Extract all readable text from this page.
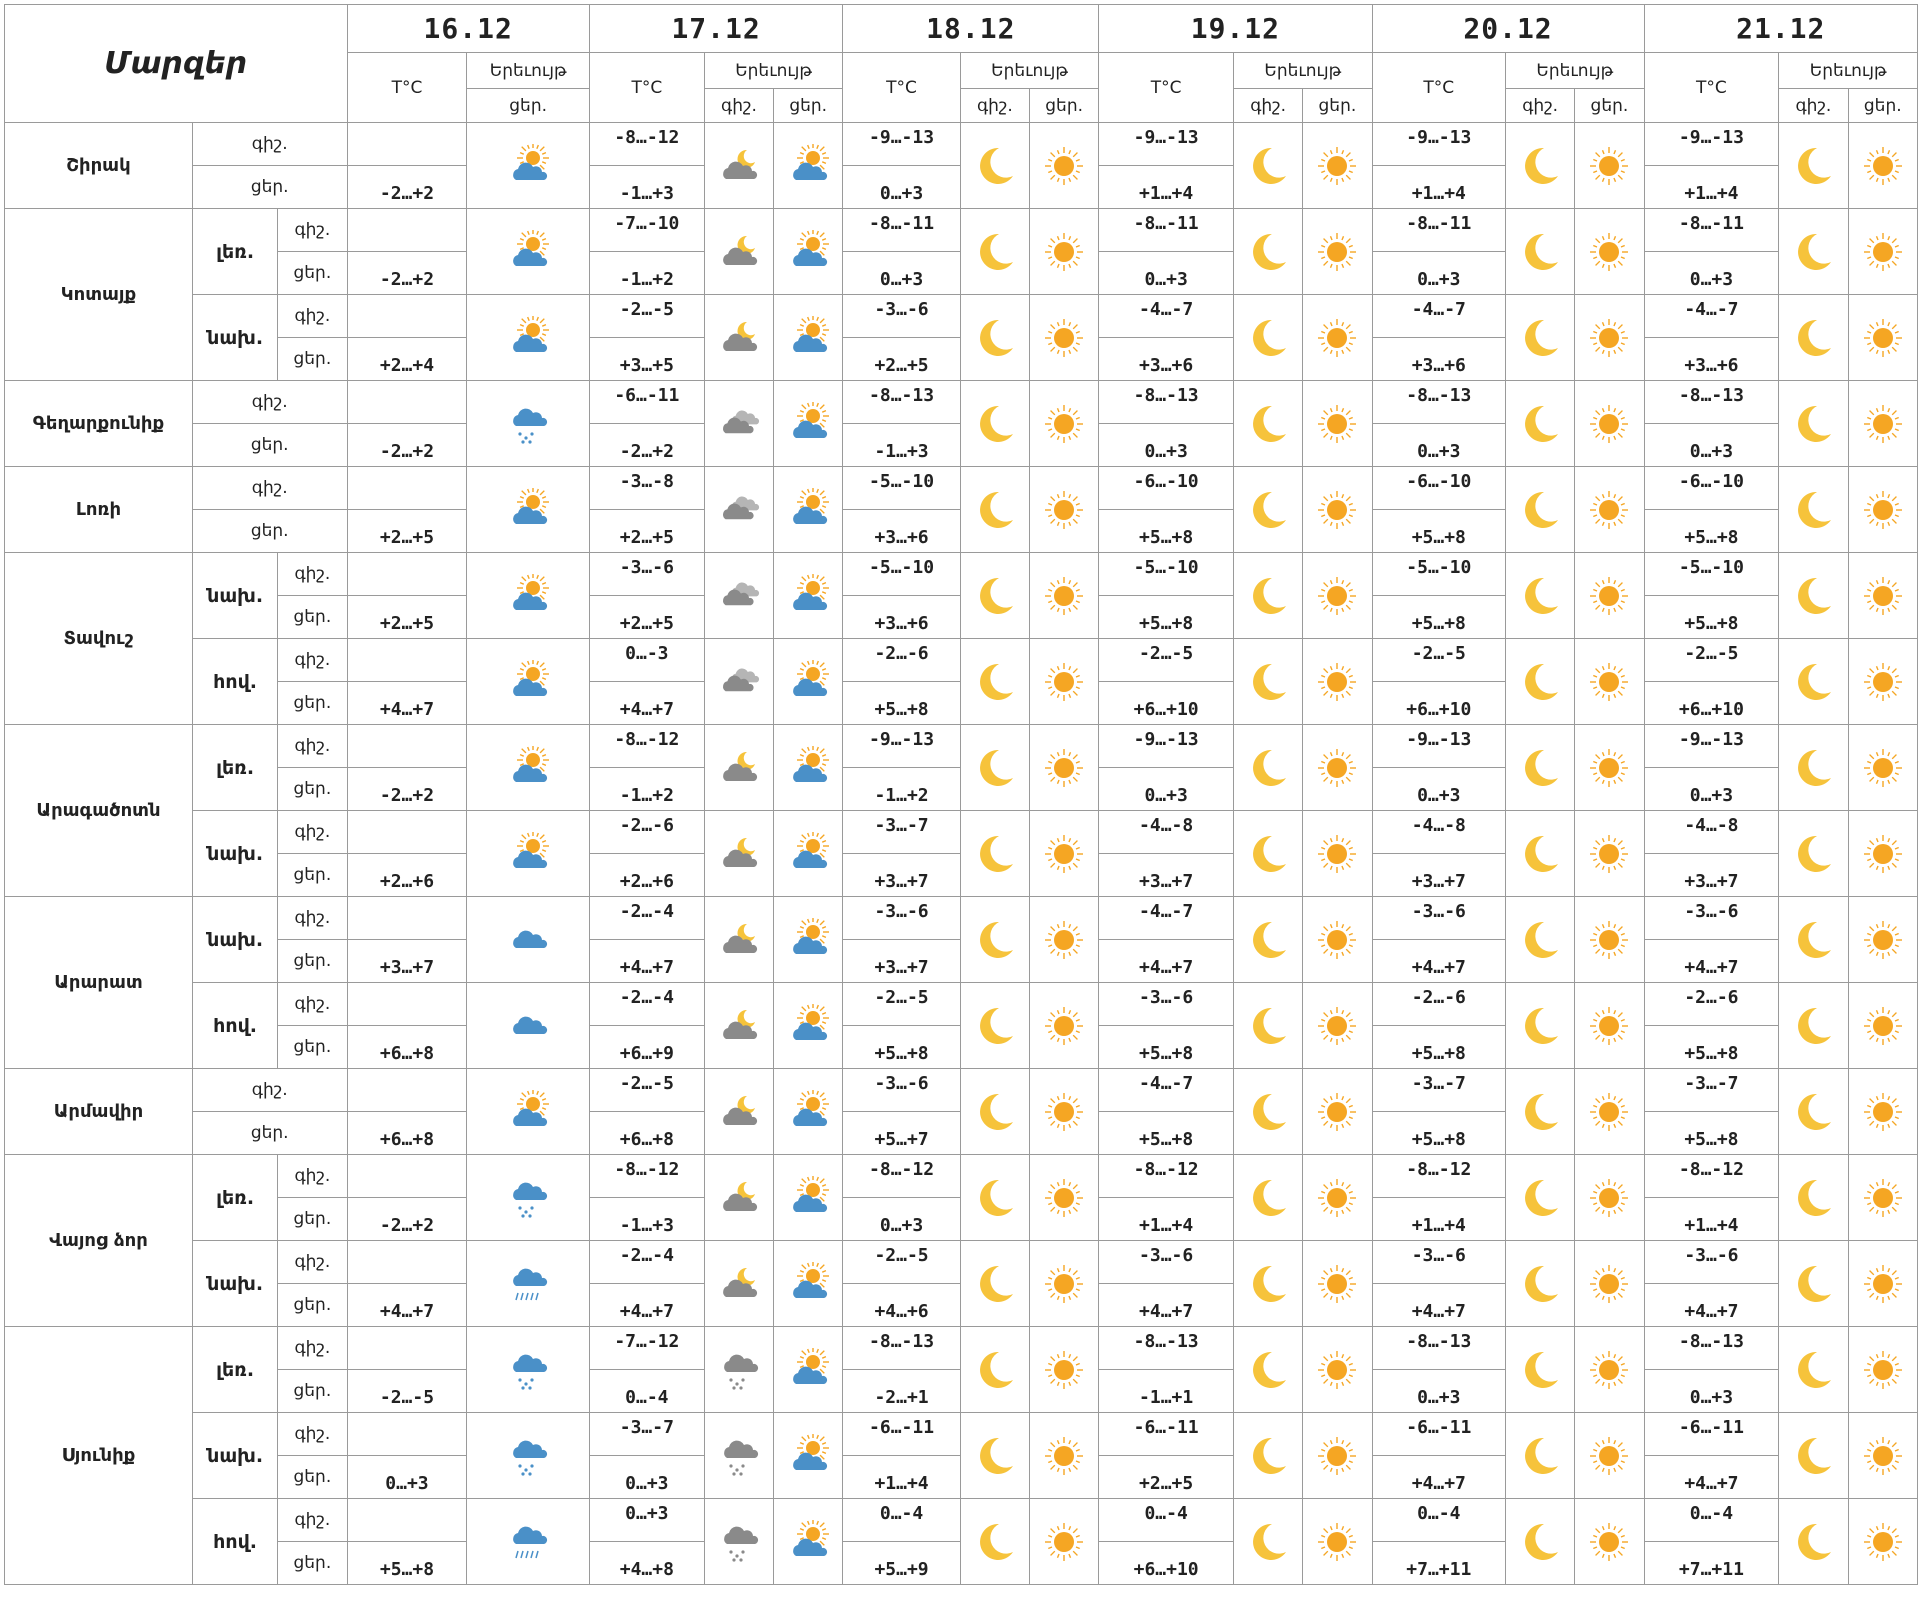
Մարզեր			16.12		17.12			18.12			19.12			20.12			21.12		
			T°C	Երեւույթ	T°C	Երեւույթ		T°C	Երեւույթ		T°C	Երեւույթ		T°C	Երեւույթ		T°C	Երեւույթ	
				ցեր.		գիշ.	ցեր.		գիշ.	ցեր.		գիշ.	ցեր.		գիշ.	ցեր.		գիշ.	ցեր.
Շիրակ	գիշ.				-8…-12			-9…-13			-9…-13			-9…-13			-9…-13	

	ցեր.		-2…+2		-1…+3			0…+3			+1…+4			+1…+4			+1…+4		
Կոտայք	լեռ.	գիշ.			-7…-10			-8…-11			-8…-11			-8…-11			-8…-11	

		ցեր.	-2…+2		-1…+2			0…+3			0…+3			0…+3			0…+3		
	նախ.	գիշ.			-2…-5			-3…-6			-4…-7			-4…-7			-4…-7	

		ցեր.	+2…+4		+3…+5			+2…+5			+3…+6			+3…+6			+3…+6		
Գեղարքունիք	գիշ.				-6…-11			-8…-13			-8…-13			-8…-13			-8…-13	

	ցեր.		-2…+2		-2…+2			-1…+3			0…+3			0…+3			0…+3		
Լոռի	գիշ.				-3…-8			-5…-10			-6…-10			-6…-10			-6…-10	

	ցեր.		+2…+5		+2…+5			+3…+6			+5…+8			+5…+8			+5…+8		
Տավուշ	նախ.	գիշ.			-3…-6			-5…-10			-5…-10			-5…-10			-5…-10	

		ցեր.	+2…+5		+2…+5			+3…+6			+5…+8			+5…+8			+5…+8		
	հով.	գիշ.			0…-3			-2…-6			-2…-5			-2…-5			-2…-5	

		ցեր.	+4…+7		+4…+7			+5…+8			+6…+10			+6…+10			+6…+10		
Արագածոտն	լեռ.	գիշ.			-8…-12			-9…-13			-9…-13			-9…-13			-9…-13	

		ցեր.	-2…+2		-1…+2			-1…+2			0…+3			0…+3			0…+3		
	նախ.	գիշ.			-2…-6			-3…-7			-4…-8			-4…-8			-4…-8	

		ցեր.	+2…+6		+2…+6			+3…+7			+3…+7			+3…+7			+3…+7		
Արարատ	նախ.	գիշ.			-2…-4			-3…-6			-4…-7			-3…-6			-3…-6	

		ցեր.	+3…+7		+4…+7			+3…+7			+4…+7			+4…+7			+4…+7		
	հով.	գիշ.			-2…-4			-2…-5			-3…-6			-2…-6			-2…-6	

		ցեր.	+6…+8		+6…+9			+5…+8			+5…+8			+5…+8			+5…+8		
Արմավիր	գիշ.				-2…-5			-3…-6			-4…-7			-3…-7			-3…-7	

	ցեր.		+6…+8		+6…+8			+5…+7			+5…+8			+5…+8			+5…+8		
Վայոց ձոր	լեռ.	գիշ.			-8…-12			-8…-12			-8…-12			-8…-12			-8…-12	

		ցեր.	-2…+2		-1…+3			0…+3			+1…+4			+1…+4			+1…+4		
	նախ.	գիշ.			-2…-4			-2…-5			-3…-6			-3…-6			-3…-6	

		ցեր.	+4…+7		+4…+7			+4…+6			+4…+7			+4…+7			+4…+7		
Սյունիք	լեռ.	գիշ.			-7…-12			-8…-13			-8…-13			-8…-13			-8…-13	

		ցեր.	-2…-5		0…-4			-2…+1			-1…+1			0…+3			0…+3		
	նախ.	գիշ.			-3…-7			-6…-11			-6…-11			-6…-11			-6…-11	

		ցեր.	0…+3		0…+3			+1…+4			+2…+5			+4…+7			+4…+7		
	հով.	գիշ.			0…+3			0…-4			0…-4			0…-4			0…-4	

		ցեր.	+5…+8		+4…+8			+5…+9			+6…+10			+7…+11			+7…+11		
